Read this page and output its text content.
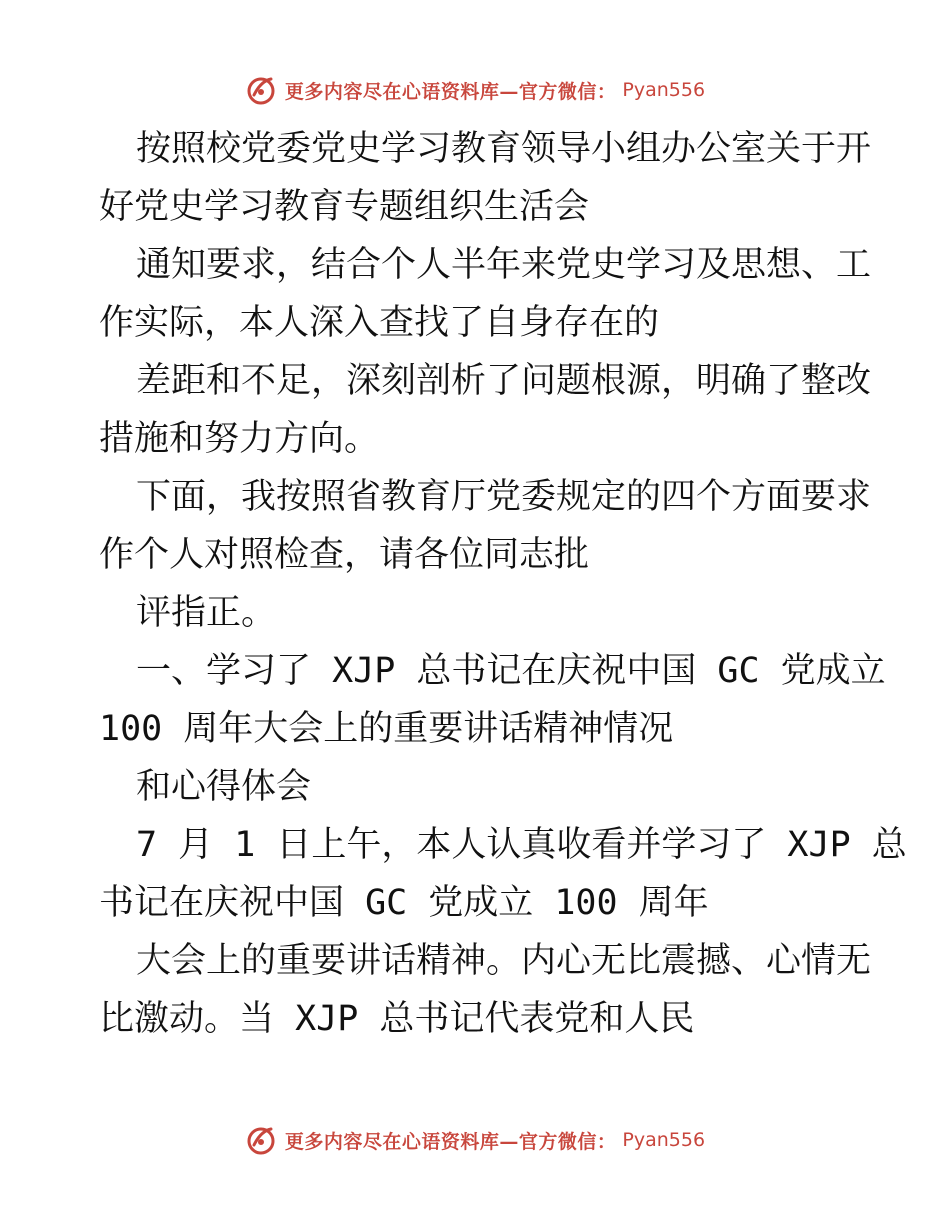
更多内容尽在心语资料库—官方微信： Pyan556
按照校党委党史学习教育领导小组办公室关于开
好党史学习教育专题组织生活会
通知要求，结合个人半年来党史学习及思想、工
作实际，本人深入查找了自身存在的
差距和不足，深刻剖析了问题根源，明确了整改
措施和努力方向。
下面，我按照省教育厅党委规定的四个方面要求
作个人对照检查，请各位同志批
评指正。
一、学习了 XJP 总书记在庆祝中国 GC 党成立
100 周年大会上的重要讲话精神情况
和心得体会
7 月 1 日上午，本人认真收看并学习了 XJP 总
书记在庆祝中国 GC 党成立 100 周年
大会上的重要讲话精神。内心无比震撼、心情无
比激动。当 XJP 总书记代表党和人民
更多内容尽在心语资料库—官方微信： Pyan556
